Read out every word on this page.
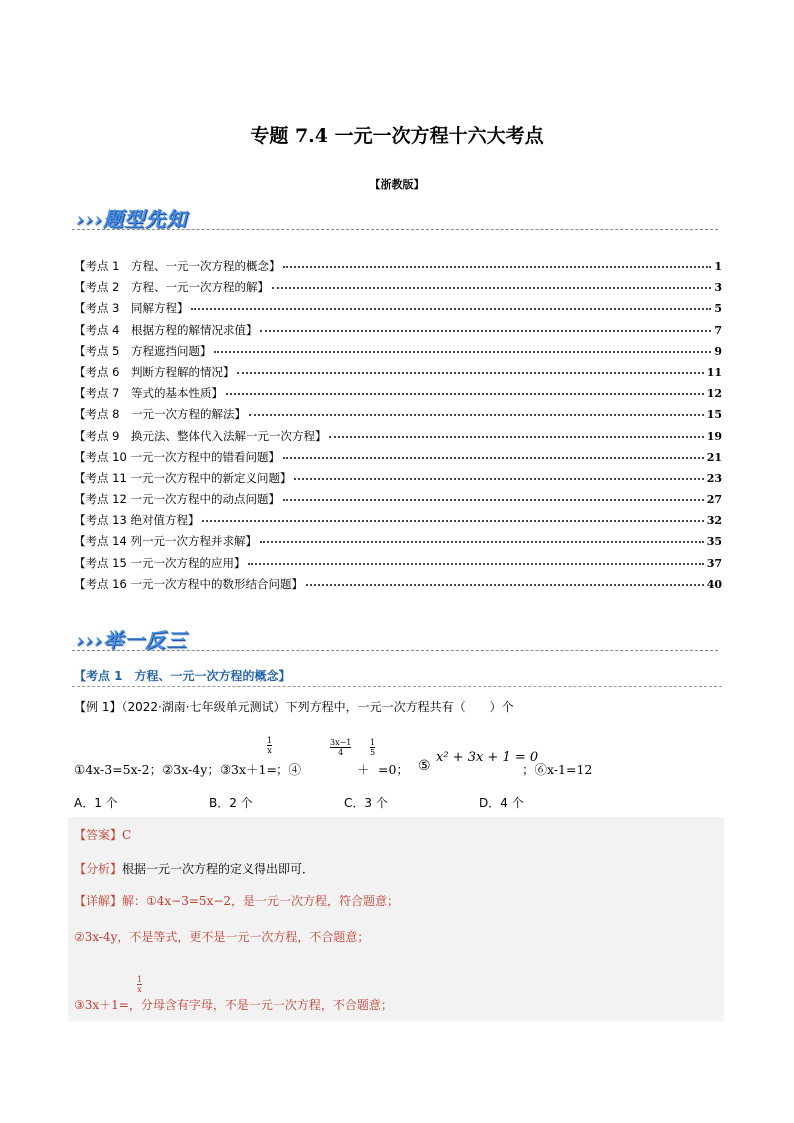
专题 7.4 一元一次方程十六大考点
【浙教版】
›››题型先知
【考点 1　方程、一元一次方程的概念】	1
【考点 2　方程、一元一次方程的解】	3
【考点 3　同解方程】	5
【考点 4　根据方程的解情况求值】	7
【考点 5　方程遮挡问题】	9
【考点 6　判断方程解的情况】	11
【考点 7　等式的基本性质】	12
【考点 8　一元一次方程的解法】	15
【考点 9　换元法、整体代入法解一元一次方程】	19
【考点 10 一元一次方程中的错看问题】	21
【考点 11 一元一次方程中的新定义问题】	23
【考点 12 一元一次方程中的动点问题】	27
【考点 13 绝对值方程】	32
【考点 14 列一元一次方程并求解】	35
【考点 15 一元一次方程的应用】	37
【考点 16 一元一次方程中的数形结合问题】	40
›››举一反三
【考点 1　方程、一元一次方程的概念】
【例 1】（2022·湖南·七年级单元测试）下列方程中，一元一次方程共有（　　）个
①4x-3=5x-2；②3x-4y；③3x＋1=
$\frac{1}{x}$
；④
$\frac{3x-1}{4}$
＋
$\frac{1}{5}$
=0； ⑤
x² + 3x + 1 = 0
；⑥x-1=12
A．1 个	B．2 个	C．3 个	D．4 个
【答案】C
【分析】根据一元一次方程的定义得出即可．
【详解】解：①4x−3=5x−2，是一元一次方程，符合题意；
②3x-4y，不是等式，更不是一元一次方程，不合题意；
③3x＋1=，分母含有字母，不是一元一次方程，不合题意；
$\frac{1}{x}$
